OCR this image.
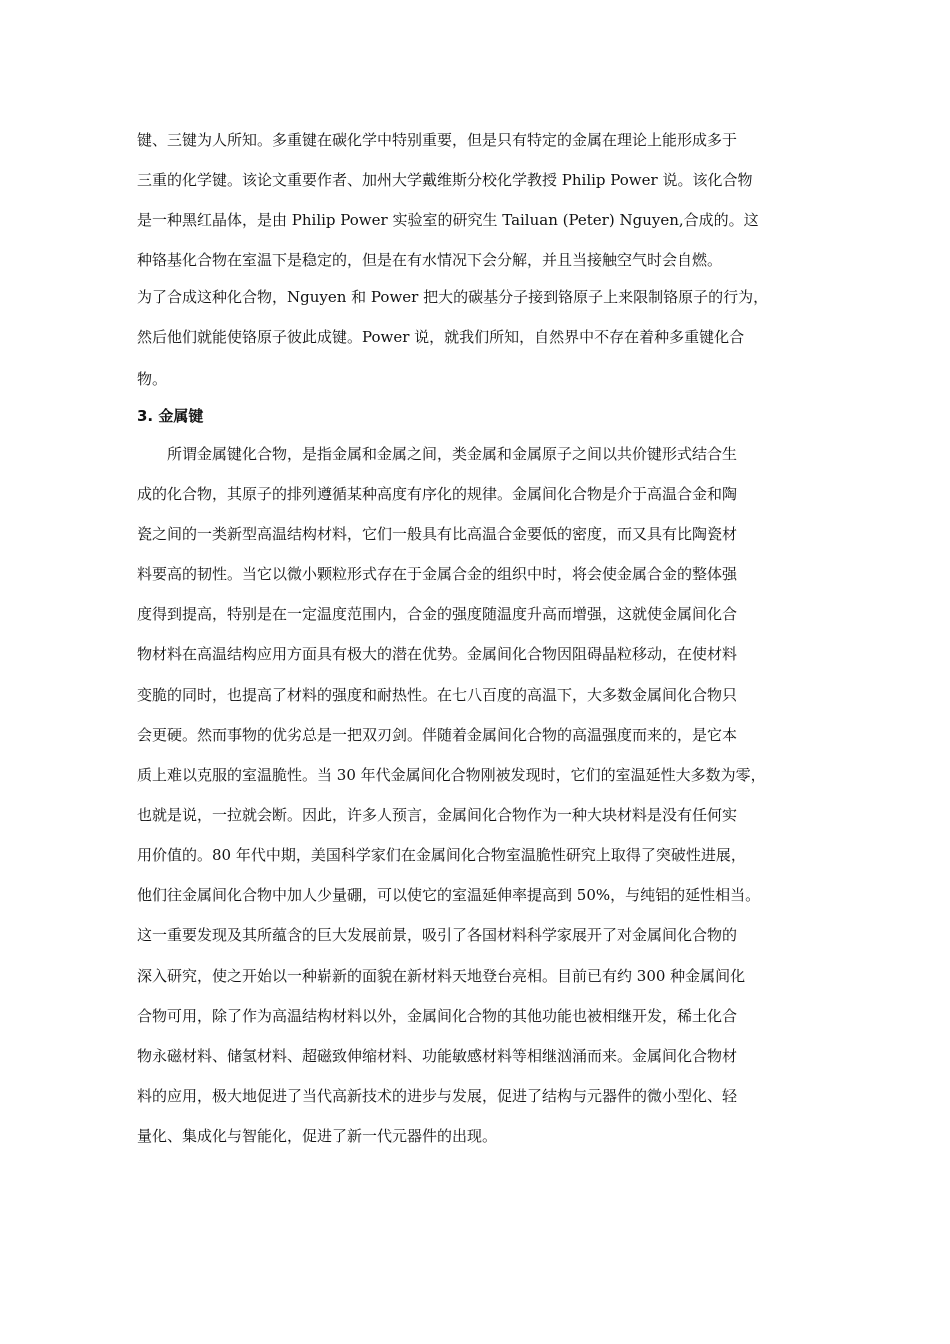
键、三键为人所知。多重键在碳化学中特别重要，但是只有特定的金属在理论上能形成多于
三重的化学键。该论文重要作者、加州大学戴维斯分校化学教授 Philip Power 说。该化合物
是一种黑红晶体，是由 Philip Power 实验室的研究生 Tailuan (Peter) Nguyen,合成的。这
种铬基化合物在室温下是稳定的，但是在有水情况下会分解，并且当接触空气时会自燃。
为了合成这种化合物，Nguyen 和 Power 把大的碳基分子接到铬原子上来限制铬原子的行为，
然后他们就能使铬原子彼此成键。Power 说，就我们所知，自然界中不存在着种多重键化合
物。
3. 金属键
　　所谓金属键化合物，是指金属和金属之间，类金属和金属原子之间以共价键形式结合生
成的化合物，其原子的排列遵循某种高度有序化的规律。金属间化合物是介于高温合金和陶
瓷之间的一类新型高温结构材料，它们一般具有比高温合金要低的密度，而又具有比陶瓷材
料要高的韧性。当它以微小颗粒形式存在于金属合金的组织中时，将会使金属合金的整体强
度得到提高，特别是在一定温度范围内，合金的强度随温度升高而增强，这就使金属间化合
物材料在高温结构应用方面具有极大的潜在优势。金属间化合物因阻碍晶粒移动，在使材料
变脆的同时，也提高了材料的强度和耐热性。在七八百度的高温下，大多数金属间化合物只
会更硬。然而事物的优劣总是一把双刃剑。伴随着金属间化合物的高温强度而来的，是它本
质上难以克服的室温脆性。当 30 年代金属间化合物刚被发现时，它们的室温延性大多数为零，
也就是说，一拉就会断。因此，许多人预言，金属间化合物作为一种大块材料是没有任何实
用价值的。80 年代中期，美国科学家们在金属间化合物室温脆性研究上取得了突破性进展，
他们往金属间化合物中加人少量硼，可以使它的室温延伸率提高到 50%，与纯铝的延性相当。
这一重要发现及其所蕴含的巨大发展前景，吸引了各国材料科学家展开了对金属间化合物的
深入研究，使之开始以一种崭新的面貌在新材料天地登台亮相。目前已有约 300 种金属间化
合物可用，除了作为高温结构材料以外，金属间化合物的其他功能也被相继开发，稀土化合
物永磁材料、储氢材料、超磁致伸缩材料、功能敏感材料等相继汹涌而来。金属间化合物材
料的应用，极大地促进了当代高新技术的进步与发展，促进了结构与元器件的微小型化、轻
量化、集成化与智能化，促进了新一代元器件的出现。
